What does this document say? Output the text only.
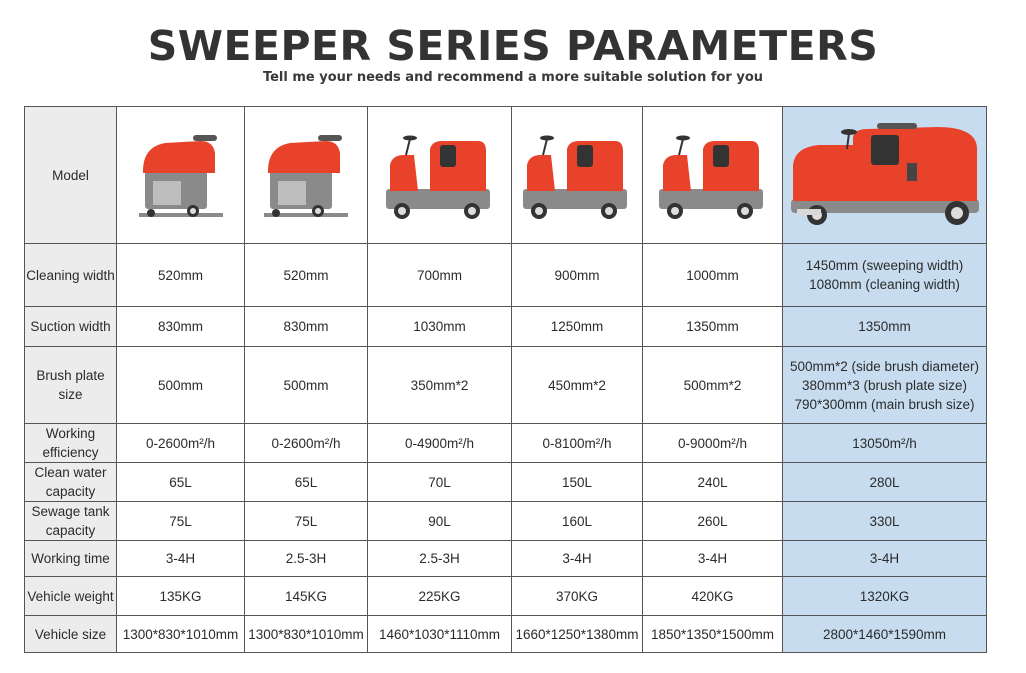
SWEEPER SERIES PARAMETERS
Tell me your needs and recommend a more suitable solution for you
Model	

Cleaning width	520mm	520mm	700mm	900mm	1000mm	1450mm (sweeping width)
1080mm (cleaning width)

Suction width	830mm	830mm	1030mm	1250mm	1350mm	1350mm
Brush plate size	500mm	500mm	350mm*2	450mm*2	500mm*2	500mm*2 (side brush diameter)
380mm*3 (brush plate size)
790*300mm (main brush size)

Working efficiency	0-2600m²/h	0-2600m²/h	0-4900m²/h	0-8100m²/h	0-9000m²/h	13050m²/h
Clean water capacity	65L	65L	70L	150L	240L	280L
Sewage tank capacity	75L	75L	90L	160L	260L	330L
Working time	3-4H	2.5-3H	2.5-3H	3-4H	3-4H	3-4H
Vehicle weight	135KG	145KG	225KG	370KG	420KG	1320KG
Vehicle size	1300*830*1010mm	1300*830*1010mm	1460*1030*1110mm	1660*1250*1380mm	1850*1350*1500mm	2800*1460*1590mm
